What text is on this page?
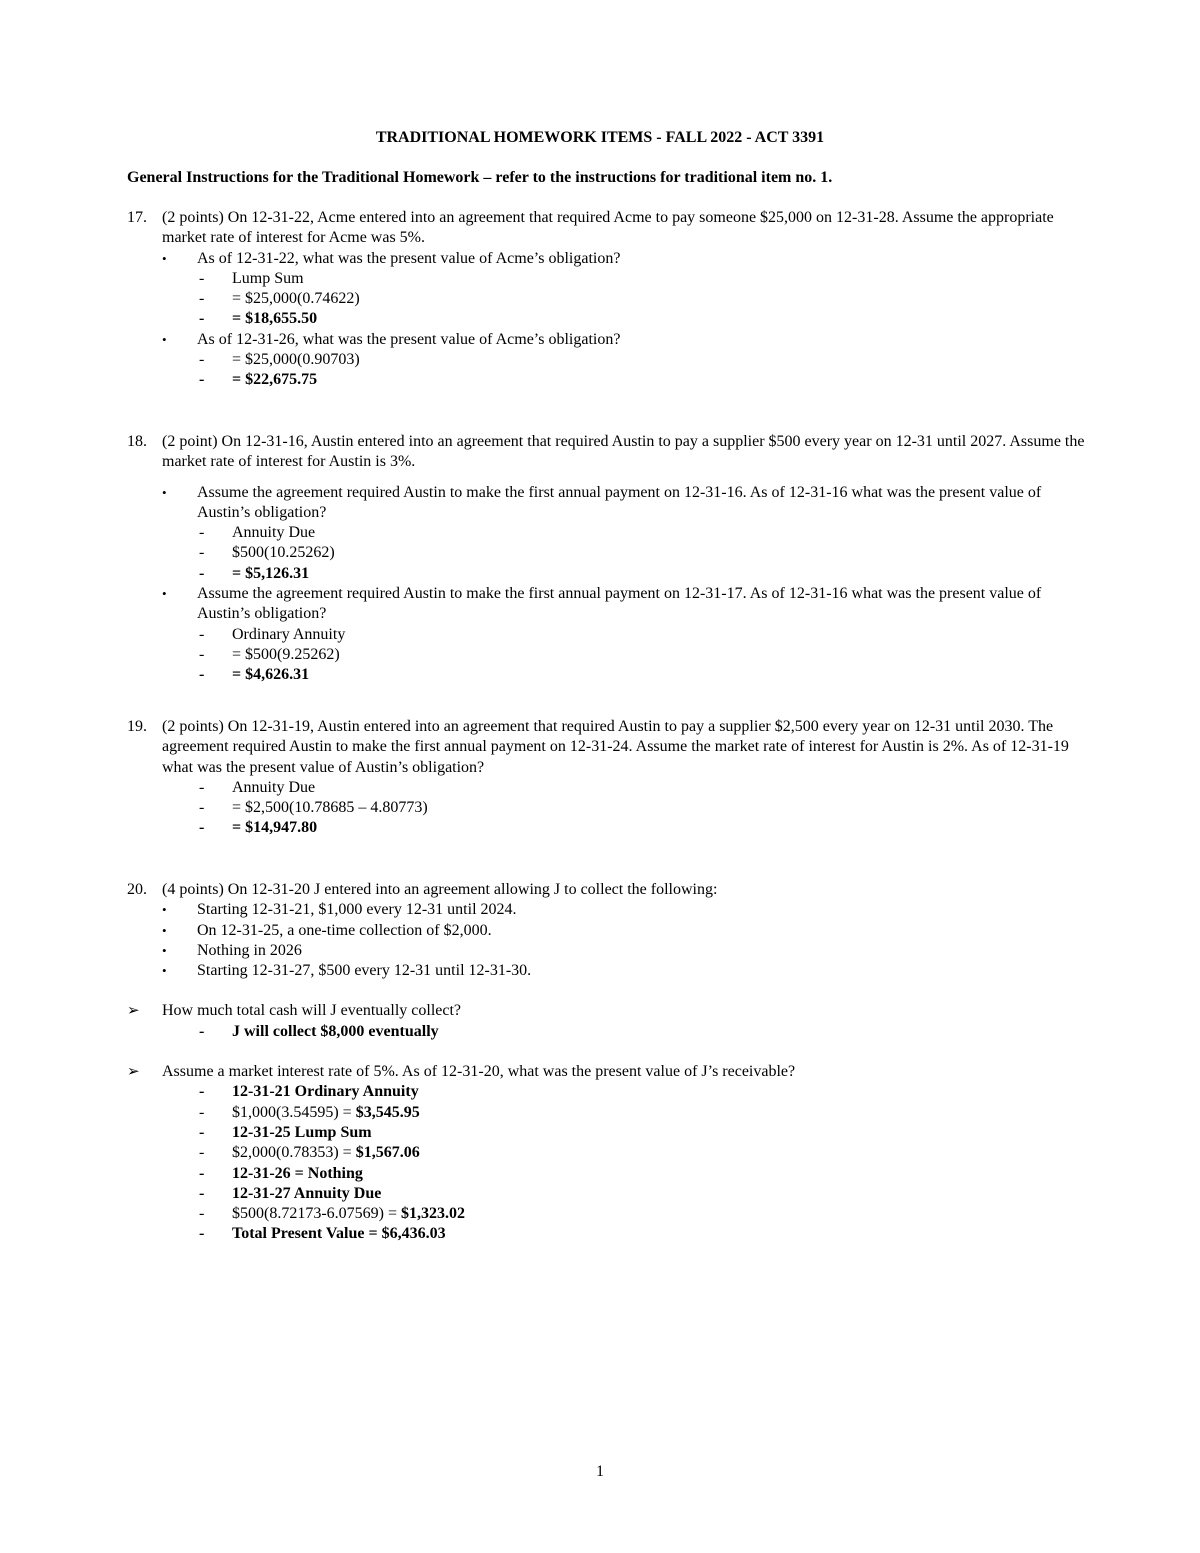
TRADITIONAL HOMEWORK ITEMS - FALL 2022 - ACT 3391
General Instructions for the Traditional Homework – refer to the instructions for traditional item no. 1.
17. (2 points) On 12-31-22, Acme entered into an agreement that required Acme to pay someone $25,000 on 12-31-28. Assume the appropriate market rate of interest for Acme was 5%.
• As of 12-31-22, what was the present value of Acme’s obligation?
- Lump Sum
- = $25,000(0.74622)
- = $18,655.50
• As of 12-31-26, what was the present value of Acme’s obligation?
- = $25,000(0.90703)
- = $22,675.75
18. (2 point) On 12-31-16, Austin entered into an agreement that required Austin to pay a supplier $500 every year on 12-31 until 2027. Assume the market rate of interest for Austin is 3%.
• Assume the agreement required Austin to make the first annual payment on 12-31-16. As of 12-31-16 what was the present value of Austin’s obligation?
- Annuity Due
- $500(10.25262)
- = $5,126.31
• Assume the agreement required Austin to make the first annual payment on 12-31-17. As of 12-31-16 what was the present value of Austin’s obligation?
- Ordinary Annuity
- = $500(9.25262)
- = $4,626.31
19. (2 points) On 12-31-19, Austin entered into an agreement that required Austin to pay a supplier $2,500 every year on 12-31 until 2030. The agreement required Austin to make the first annual payment on 12-31-24. Assume the market rate of interest for Austin is 2%. As of 12-31-19 what was the present value of Austin’s obligation?
- Annuity Due
- = $2,500(10.78685 – 4.80773)
- = $14,947.80
20. (4 points) On 12-31-20 J entered into an agreement allowing J to collect the following:
• Starting 12-31-21, $1,000 every 12-31 until 2024.
• On 12-31-25, a one-time collection of $2,000.
• Nothing in 2026
• Starting 12-31-27, $500 every 12-31 until 12-31-30.
➢ How much total cash will J eventually collect?
- J will collect $8,000 eventually
➢ Assume a market interest rate of 5%. As of 12-31-20, what was the present value of J’s receivable?
- 12-31-21 Ordinary Annuity
- $1,000(3.54595) = $3,545.95
- 12-31-25 Lump Sum
- $2,000(0.78353) = $1,567.06
- 12-31-26 = Nothing
- 12-31-27 Annuity Due
- $500(8.72173-6.07569) = $1,323.02
- Total Present Value = $6,436.03
1
